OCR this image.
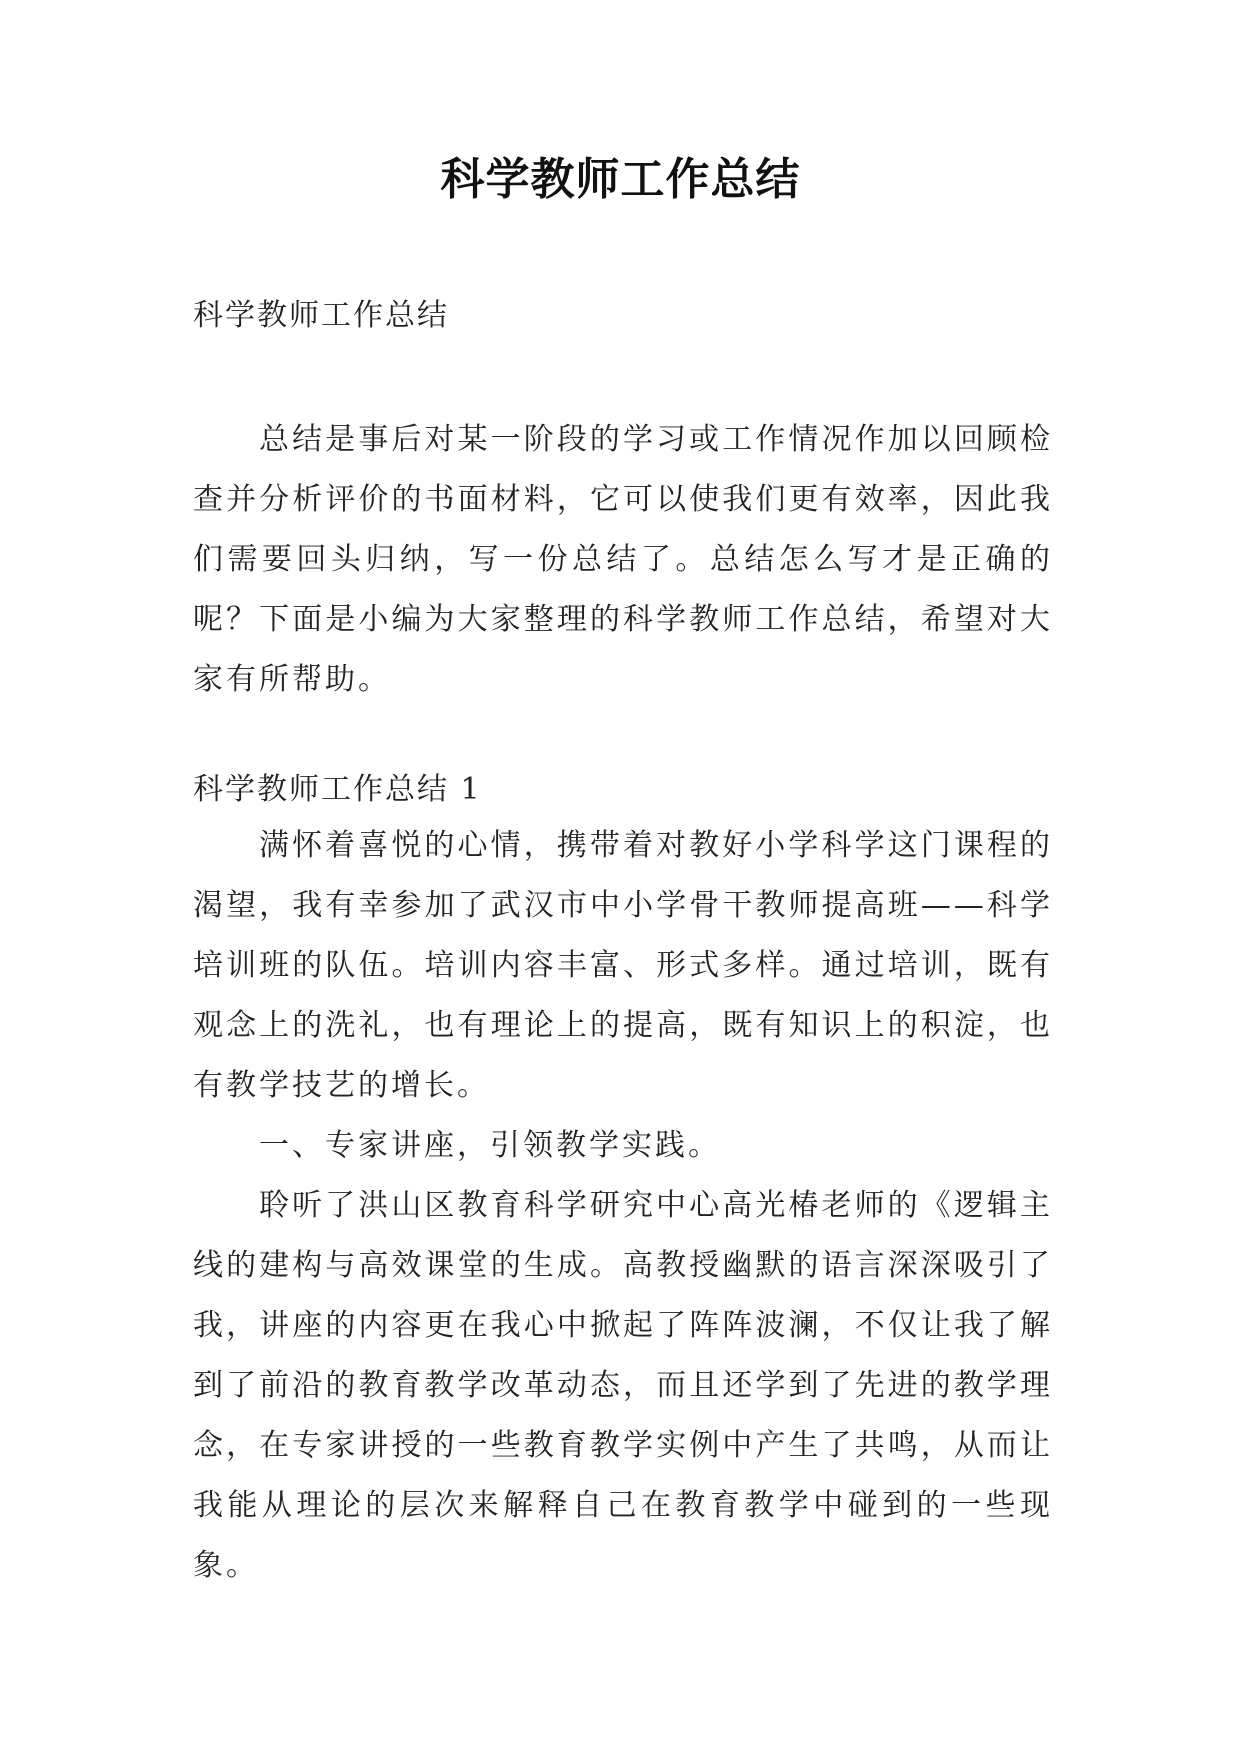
科学教师工作总结
科学教师工作总结

总结是事后对某一阶段的学习或工作情况作加以回顾检查并分析评价的书面材料，它可以使我们更有效率，因此我们需要回头归纳，写一份总结了。总结怎么写才是正确的呢？下面是小编为大家整理的科学教师工作总结，希望对大家有所帮助。

科学教师工作总结 1

满怀着喜悦的心情，携带着对教好小学科学这门课程的渴望，我有幸参加了武汉市中小学骨干教师提高班——科学培训班的队伍。培训内容丰富、形式多样。通过培训，既有观念上的洗礼，也有理论上的提高，既有知识上的积淀，也有教学技艺的增长。

一、专家讲座，引领教学实践。

聆听了洪山区教育科学研究中心高光椿老师的《逻辑主线的建构与高效课堂的生成。高教授幽默的语言深深吸引了我，讲座的内容更在我心中掀起了阵阵波澜，不仅让我了解到了前沿的教育教学改革动态，而且还学到了先进的教学理念，在专家讲授的一些教育教学实例中产生了共鸣，从而让我能从理论的层次来解释自己在教育教学中碰到的一些现象。
